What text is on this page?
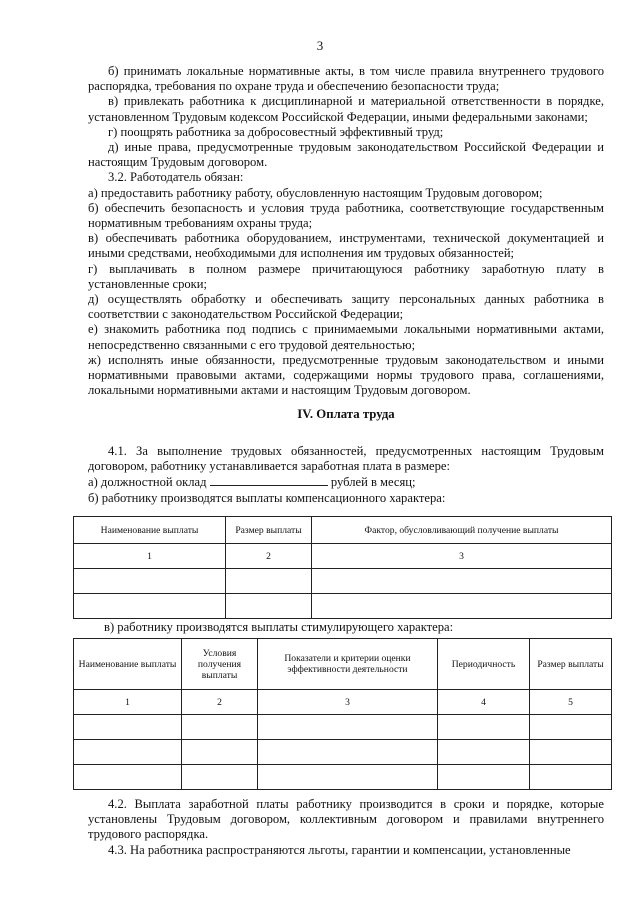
3

б) принимать локальные нормативные акты, в том числе правила внутреннего трудового распорядка, требования по охране труда и обеспечению безопасности труда;

в) привлекать работника к дисциплинарной и материальной ответственности в порядке, установленном Трудовым кодексом Российской Федерации, иными федеральными законами;

г) поощрять работника за добросовестный эффективный труд;

д) иные права, предусмотренные трудовым законодательством Российской Федерации и настоящим Трудовым договором.

3.2. Работодатель обязан:

а) предоставить работнику работу, обусловленную настоящим Трудовым договором;

б) обеспечить безопасность и условия труда работника, соответствующие государственным нормативным требованиям охраны труда;

в) обеспечивать работника оборудованием, инструментами, технической документацией и иными средствами, необходимыми для исполнения им трудовых обязанностей;

г) выплачивать в полном размере причитающуюся работнику заработную плату в установленные сроки;

д) осуществлять обработку и обеспечивать защиту персональных данных работника в соответствии с законодательством Российской Федерации;

е) знакомить работника под подпись с принимаемыми локальными нормативными актами, непосредственно связанными с его трудовой деятельностью;

ж) исполнять иные обязанности, предусмотренные трудовым законодательством и иными нормативными правовыми актами, содержащими нормы трудового права, соглашениями, локальными нормативными актами и настоящим Трудовым договором.

IV. Оплата труда

4.1. За выполнение трудовых обязанностей, предусмотренных настоящим Трудовым договором, работнику устанавливается заработная плата в размере:

а) должностной оклад	рублей в месяц;

б) работнику производятся выплаты компенсационного характера:

Наименование выплаты	Размер выплаты	Фактор, обусловливающий получение выплаты
1	2	3

в) работнику производятся выплаты стимулирующего характера:

Наименование выплаты	Условия получения выплаты	Показатели и критерии оценки эффективности деятельности	Периодичность	Размер выплаты
1	2	3	4	5

4.2. Выплата заработной платы работнику производится в сроки и порядке, которые установлены Трудовым договором, коллективным договором и правилами внутреннего трудового распорядка.

4.3. На работника распространяются льготы, гарантии и компенсации, установленные
